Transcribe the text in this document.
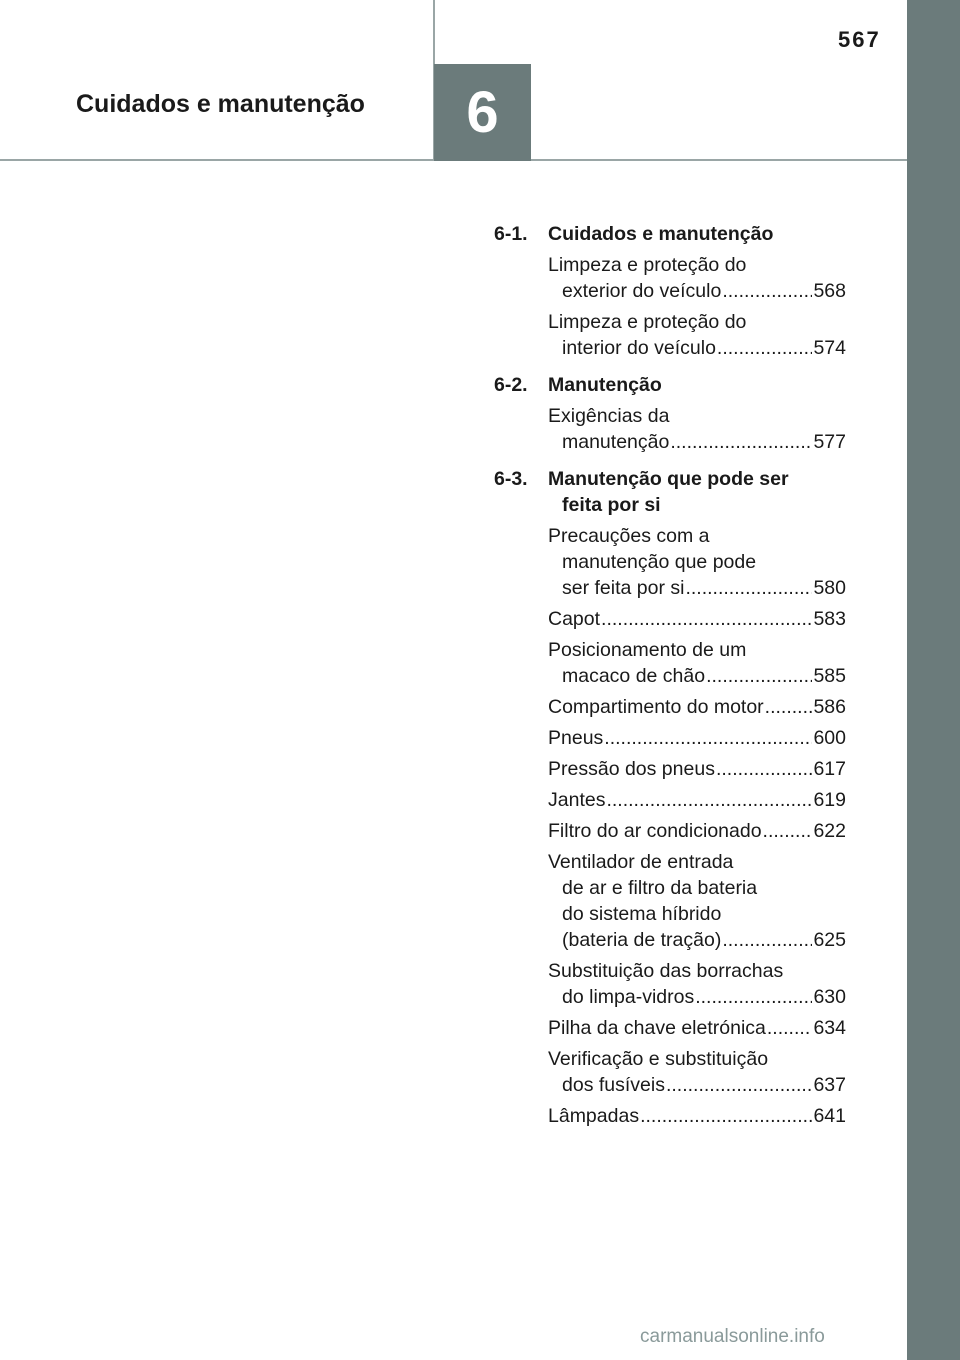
Cuidados e manutenção 6
567
6-1.	Cuidados e manutenção
Limpeza e proteção do
exterior do veículo .....	568
Limpeza e proteção do
interior do veículo .....	574
6-2.	Manutenção
Exigências da
manutenção .....	577
6-3.	Manutenção que pode ser
feita por si
Precauções com a
manutenção que pode
ser feita por si .....	580
Capot .....	583
Posicionamento de um
macaco de chão .....	585
Compartimento do motor .....	586
Pneus .....	600
Pressão dos pneus .....	617
Jantes .....	619
Filtro do ar condicionado .....	622
Ventilador de entrada
de ar e filtro da bateria
do sistema híbrido
(bateria de tração) .....	625
Substituição das borrachas
do limpa-vidros .....	630
Pilha da chave eletrónica ..... 634
Verificação e substituição
dos fusíveis .....	637
Lâmpadas .....	641
carmanualsonline.info
